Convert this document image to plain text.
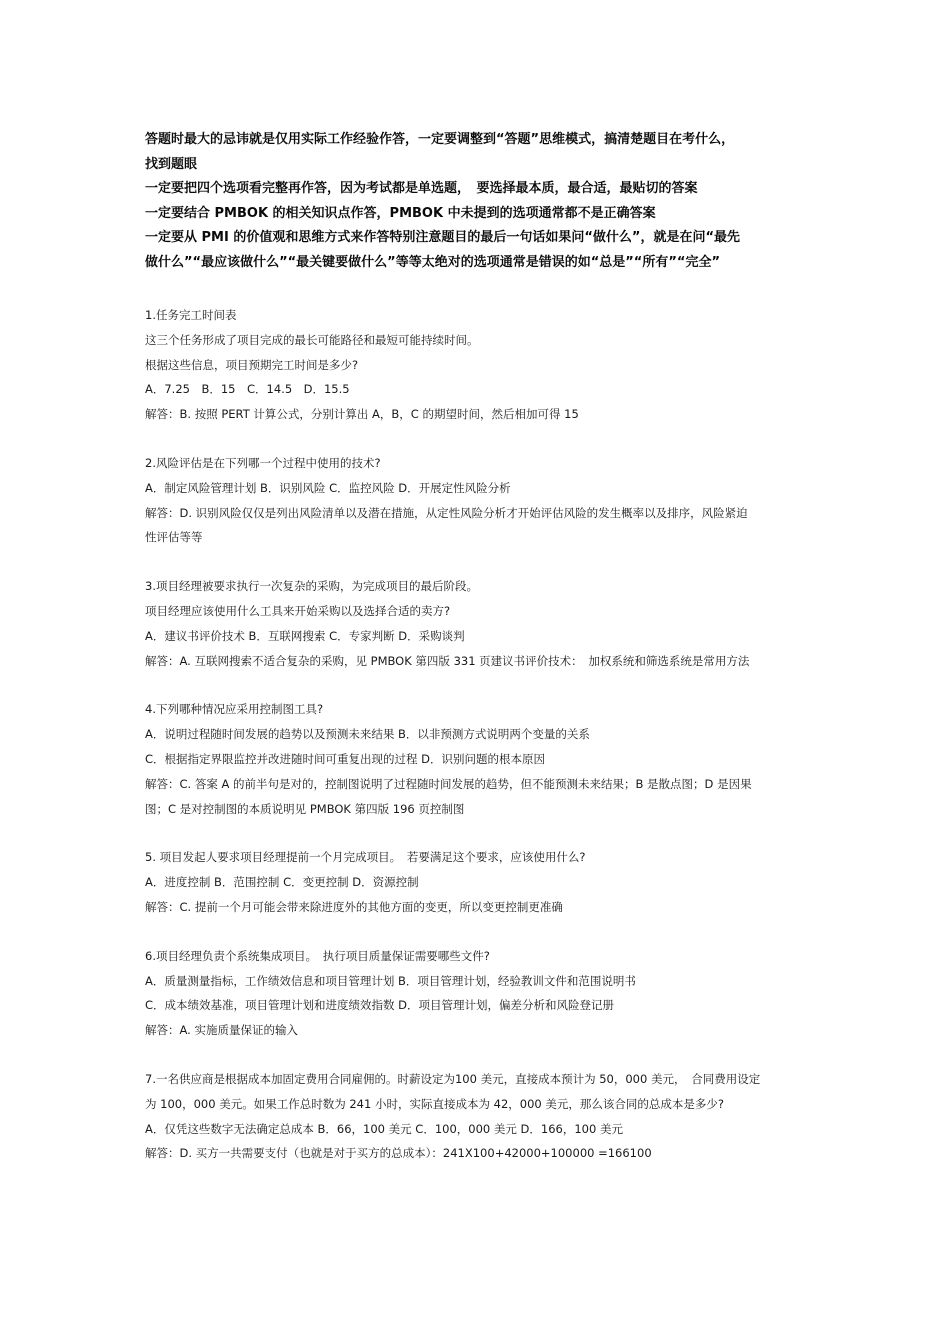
答题时最大的忌讳就是仅用实际工作经验作答，一定要调整到“答题”思维模式，搞清楚题目在考什么，

找到题眼

一定要把四个选项看完整再作答，因为考试都是单选题，　要选择最本质，最合适，最贴切的答案

一定要结合 PMBOK 的相关知识点作答，PMBOK 中未提到的选项通常都不是正确答案

一定要从 PMI 的价值观和思维方式来作答特别注意题目的最后一句话如果问“做什么”，就是在问“最先

做什么”“最应该做什么”“最关键要做什么”等等太绝对的选项通常是错误的如“总是”“所有”“完全”

1.任务完工时间表

这三个任务形成了项目完成的最长可能路径和最短可能持续时间。

根据这些信息，项目预期完工时间是多少?

A．7.25　B．15　C．14.5　D．15.5

解答：B. 按照 PERT 计算公式，分别计算出 A，B，C 的期望时间，然后相加可得 15

2.风险评估是在下列哪一个过程中使用的技术?

A．制定风险管理计划 B．识别风险 C．监控风险 D．开展定性风险分析

解答：D. 识别风险仅仅是列出风险清单以及潜在措施，从定性风险分析才开始评估风险的发生概率以及排序，风险紧迫

性评估等等

3.项目经理被要求执行一次复杂的采购，为完成项目的最后阶段。

项目经理应该使用什么工具来开始采购以及选择合适的卖方?

A．建议书评价技术 B．互联网搜索 C．专家判断 D．采购谈判

解答：A. 互联网搜索不适合复杂的采购，见 PMBOK 第四版 331 页建议书评价技术：　加权系统和筛选系统是常用方法

4.下列哪种情况应采用控制图工具?

A．说明过程随时间发展的趋势以及预测未来结果 B．以非预测方式说明两个变量的关系

C．根据指定界限监控并改进随时间可重复出现的过程 D．识别问题的根本原因

解答：C. 答案 A 的前半句是对的，控制图说明了过程随时间发展的趋势，但不能预测未来结果；B 是散点图；D 是因果

图；C 是对控制图的本质说明见 PMBOK 第四版 196 页控制图

5. 项目发起人要求项目经理提前一个月完成项目。　若要满足这个要求，应该使用什么?

A．进度控制 B．范围控制 C．变更控制 D．资源控制

解答：C. 提前一个月可能会带来除进度外的其他方面的变更，所以变更控制更准确

6.项目经理负责个系统集成项目。　执行项目质量保证需要哪些文件?

A．质量测量指标，工作绩效信息和项目管理计划 B．项目管理计划，经验教训文件和范围说明书

C．成本绩效基准，项目管理计划和进度绩效指数 D．项目管理计划，偏差分析和风险登记册

解答：A. 实施质量保证的输入

7.一名供应商是根据成本加固定费用合同雇佣的。时薪设定为100 美元，直接成本预计为 50，000 美元，　合同费用设定

为 100，000 美元。如果工作总时数为 241 小时，实际直接成本为 42，000 美元，那么该合同的总成本是多少?

A．仅凭这些数字无法确定总成本 B．66，100 美元 C．100，000 美元 D．166，100 美元

解答：D. 买方一共需要支付（也就是对于买方的总成本）：241X100+42000+100000 =166100
